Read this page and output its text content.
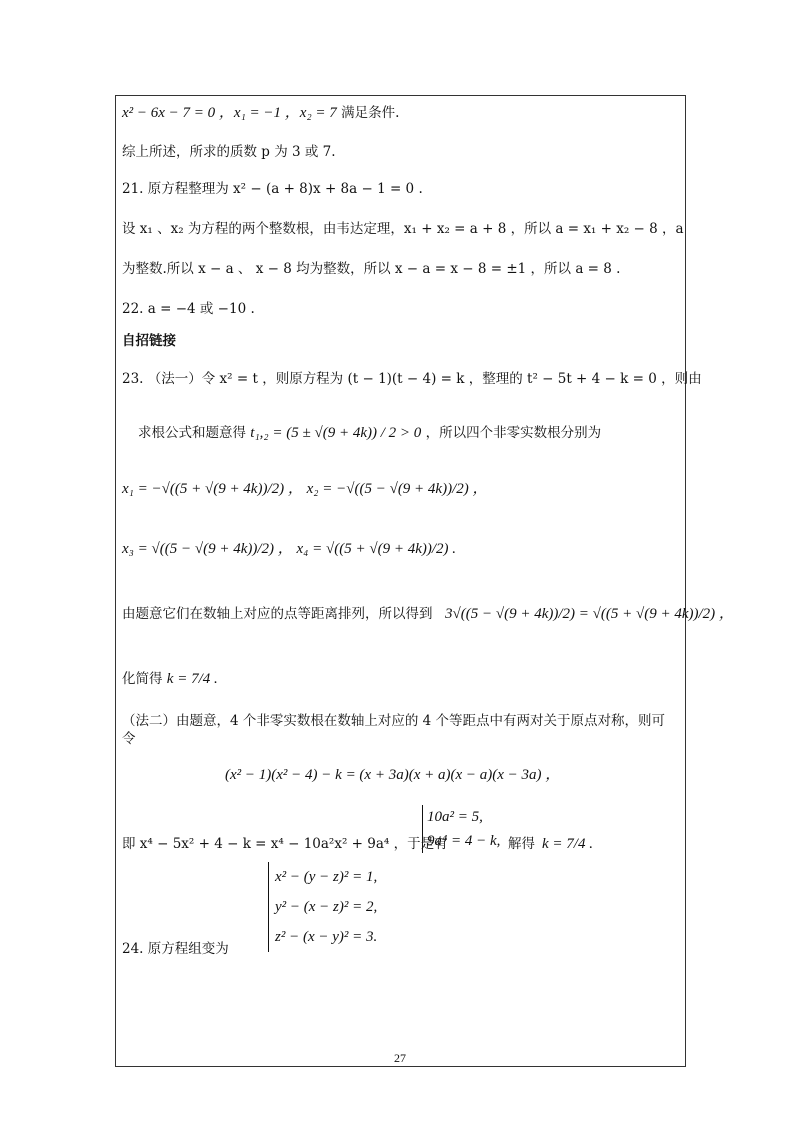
x² − 6x − 7 = 0 ，x₁ = −1 ，x₂ = 7 满足条件.
综上所述，所求的质数 p 为 3 或 7.
21. 原方程整理为 x² − (a + 8)x + 8a − 1 = 0 .
设 x₁ 、x₂ 为方程的两个整数根，由韦达定理，x₁ + x₂ = a + 8 ，所以 a = x₁ + x₂ − 8 ，a
为整数.所以 x − a 、 x − 8 均为整数，所以 x − a = x − 8 = ±1 ，所以 a = 8 .
22. a = −4 或 −10 .
自招链接
23. （法一）令 x² = t ，则原方程为 (t − 1)(t − 4) = k ，整理的 t² − 5t + 4 − k = 0 ，则由
求根公式和题意得 t₁,₂ = (5 ± √(9 + 4k)) / 2 > 0 ，所以四个非零实数根分别为
x₁ = −√((5 + √(9 + 4k))/2) ， x₂ = −√((5 − √(9 + 4k))/2) ，
x₃ = √((5 − √(9 + 4k))/2) ， x₄ = √((5 + √(9 + 4k))/2) .
由题意它们在数轴上对应的点等距离排列，所以得到 3√((5 − √(9 + 4k))/2) = √((5 + √(9 + 4k))/2) ，
化简得 k = 7/4 .
（法二）由题意，4 个非零实数根在数轴上对应的 4 个等距点中有两对关于原点对称，则可令
(x² − 1)(x² − 4) − k = (x + 3a)(x + a)(x − a)(x − 3a) ，
即 x⁴ − 5x² + 4 − k = x⁴ − 10a²x² + 9a⁴ ，于是有
10a² = 5,
9a⁴ = 4 − k, 解得 k = 7/4 .
x² − (y − z)² = 1,
y² − (x − z)² = 2,
z² − (x − y)² = 3.
24. 原方程组变为
27
